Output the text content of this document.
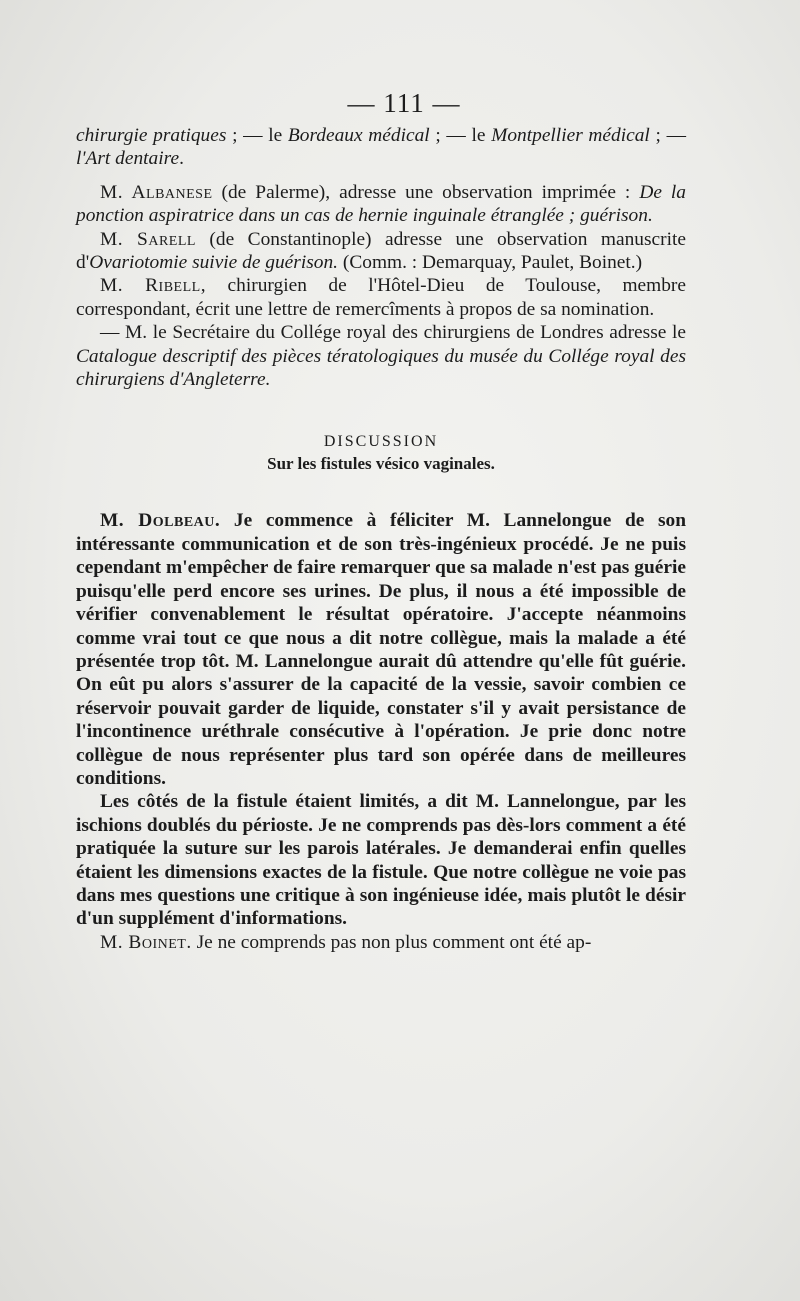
— 111 —

chirurgie pratiques ; — le Bordeaux médical ; — le Montpellier médical ; — l'Art dentaire.

M. Albanese (de Palerme), adresse une observation imprimée : De la ponction aspiratrice dans un cas de hernie inguinale étranglée ; guérison.

M. Sarell (de Constantinople) adresse une observation manuscrite d'Ovariotomie suivie de guérison. (Comm. : Demarquay, Paulet, Boinet.)

M. Ribell, chirurgien de l'Hôtel-Dieu de Toulouse, membre correspondant, écrit une lettre de remercîments à propos de sa nomination.

— M. le Secrétaire du Collége royal des chirurgiens de Londres adresse le Catalogue descriptif des pièces tératologiques du musée du Collége royal des chirurgiens d'Angleterre.

DISCUSSION

Sur les fistules vésico vaginales.

M. Dolbeau. Je commence à féliciter M. Lannelongue de son intéressante communication et de son très-ingénieux procédé. Je ne puis cependant m'empêcher de faire remarquer que sa malade n'est pas guérie puisqu'elle perd encore ses urines. De plus, il nous a été impossible de vérifier convenablement le résultat opératoire. J'accepte néanmoins comme vrai tout ce que nous a dit notre collègue, mais la malade a été présentée trop tôt. M. Lannelongue aurait dû attendre qu'elle fût guérie. On eût pu alors s'assurer de la capacité de la vessie, savoir combien ce réservoir pouvait garder de liquide, constater s'il y avait persistance de l'incontinence uréthrale consécutive à l'opération. Je prie donc notre collègue de nous représenter plus tard son opérée dans de meilleures conditions.

Les côtés de la fistule étaient limités, a dit M. Lannelongue, par les ischions doublés du périoste. Je ne comprends pas dès-lors comment a été pratiquée la suture sur les parois latérales. Je demanderai enfin quelles étaient les dimensions exactes de la fistule. Que notre collègue ne voie pas dans mes questions une critique à son ingénieuse idée, mais plutôt le désir d'un supplément d'informations.

M. Boinet. Je ne comprends pas non plus comment ont été ap-
